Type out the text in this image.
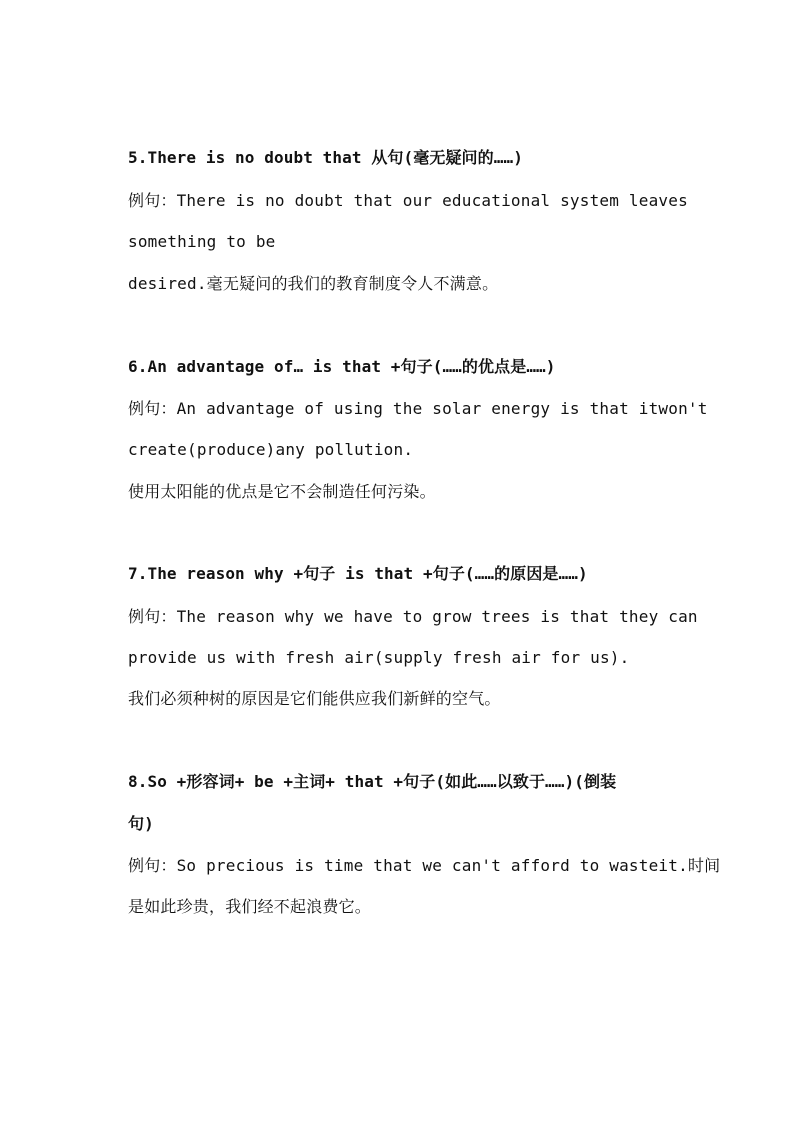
5.There is no doubt that 从句(毫无疑问的……)
例句：There is no doubt that our educational system leaves
something to be
desired.毫无疑问的我们的教育制度令人不满意。
6.An advantage of… is that +句子(……的优点是……)
例句：An advantage of using the solar energy is that itwon't
create(produce)any pollution.
使用太阳能的优点是它不会制造任何污染。
7.The reason why +句子 is that +句子(……的原因是……)
例句：The reason why we have to grow trees is that they can
provide us with fresh air(supply fresh air for us).
我们必须种树的原因是它们能供应我们新鲜的空气。
8.So +形容词+ be +主词+ that +句子(如此……以致于……)(倒装
句)
例句：So precious is time that we can't afford to wasteit.时间
是如此珍贵，我们经不起浪费它。
